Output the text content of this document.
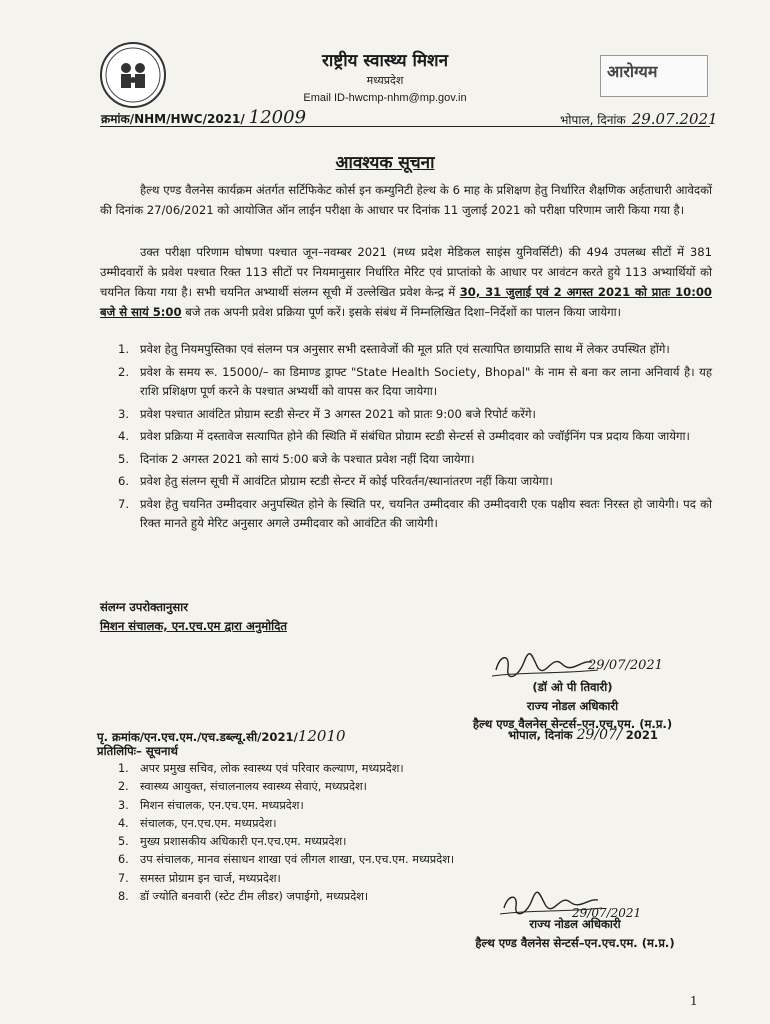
राष्ट्रीय स्वास्थ्य मिशन
मध्यप्रदेश
Email ID-hwcmp-nhm@mp.gov.in
आरोग्यम
क्रमांक/NHM/HWC/2021/ 12009	भोपाल, दिनांक 29.07.2021
आवश्यक सूचना
हैल्थ एण्ड वैलनेस कार्यक्रम अंतर्गत सर्टिफिकेट कोर्स इन कम्युनिटी हेल्थ के 6 माह के प्रशिक्षण हेतु निर्धारित शैक्षणिक अर्हताधारी आवेदकों की दिनांक 27/06/2021 को आयोजित ऑन लाईन परीक्षा के आधार पर दिनांक 11 जुलाई 2021 को परीक्षा परिणाम जारी किया गया है।
उक्त परीक्षा परिणाम घोषणा पश्चात जून–नवम्बर 2021 (मध्य प्रदेश मेडिकल साइंस युनिवर्सिटी) की 494 उपलब्ध सीटों में 381 उम्मीदवारों के प्रवेश पश्चात रिक्त 113 सीटों पर नियमानुसार निर्धारित मेरिट एवं प्राप्तांको के आधार पर आवंटन करते हुये 113 अभ्यार्थियों को चयनित किया गया है। सभी चयनित अभ्यार्थी संलग्न सूची में उल्लेखित प्रवेश केन्द्र में 30, 31 जुलाई एवं 2 अगस्त 2021 को प्रातः 10:00 बजे से सायं 5:00 बजे तक अपनी प्रवेश प्रक्रिया पूर्ण करें। इसके संबंध में निम्नलिखित दिशा–निर्देशों का पालन किया जायेगा।
1. प्रवेश हेतु नियमपुस्तिका एवं संलग्न पत्र अनुसार सभी दस्तावेजों की मूल प्रति एवं सत्यापित छायाप्रति साथ में लेकर उपस्थित होंगे।
2. प्रवेश के समय रू. 15000/– का डिमाण्ड ड्राफ्ट "State Health Society, Bhopal" के नाम से बना कर लाना अनिवार्य है। यह राशि प्रशिक्षण पूर्ण करने के पश्चात अभ्यर्थी को वापस कर दिया जायेगा।
3. प्रवेश पश्चात आवंटित प्रोग्राम स्टडी सेन्टर में 3 अगस्त 2021 को प्रातः 9:00 बजे रिपोर्ट करेंगे।
4. प्रवेश प्रक्रिया में दस्तावेज सत्यापित होने की स्थिति में संबंधित प्रोग्राम स्टडी सेन्टर्स से उम्मीदवार को ज्वॉईनिंग पत्र प्रदाय किया जायेगा।
5. दिनांक 2 अगस्त 2021 को सायं 5:00 बजे के पश्चात प्रवेश नहीं दिया जायेगा।
6. प्रवेश हेतु संलग्न सूची में आवंटित प्रोग्राम स्टडी सेन्टर में कोई परिवर्तन/स्थानांतरण नहीं किया जायेगा।
7. प्रवेश हेतु चयनित उम्मीदवार अनुपस्थित होने के स्थिति पर, चयनित उम्मीदवार की उम्मीदवारी एक पक्षीय स्वतः निरस्त हो जायेगी। पद को रिक्त मानते हुये मेरिट अनुसार अगले उम्मीदवार को आवंटित की जायेगी।
संलग्न उपरोक्तानुसार
मिशन संचालक, एन.एच.एम द्वारा अनुमोदित
29/07/2021
(डॉ ओ पी तिवारी)
राज्य नोडल अधिकारी
हैल्थ एण्ड वैलनेस सेन्टर्स–एन.एच.एम. (म.प्र.)
पृ. क्रमांक/एन.एच.एम./एच.डब्ल्यू.सी/2021/12010	भोपाल, दिनांक 29/07/ 2021
प्रतिलिपिः– सूचनार्थ
1. अपर प्रमुख सचिव, लोक स्वास्थ्य एवं परिवार कल्याण, मध्यप्रदेश।
2. स्वास्थ्य आयुक्त, संचालनालय स्वास्थ्य सेवाएं, मध्यप्रदेश।
3. मिशन संचालक, एन.एच.एम. मध्यप्रदेश।
4. संचालक, एन.एच.एम. मध्यप्रदेश।
5. मुख्य प्रशासकीय अधिकारी एन.एच.एम. मध्यप्रदेश।
6. उप संचालक, मानव संसाधन शाखा एवं लीगल शाखा, एन.एच.एम. मध्यप्रदेश।
7. समस्त प्रोग्राम इन चार्ज, मध्यप्रदेश।
8. डॉ ज्योति बनवारी (स्टेट टीम लीडर) जपाईगो, मध्यप्रदेश।
29/07/2021
राज्य नोडल अधिकारी
हैल्थ एण्ड वैलनेस सेन्टर्स–एन.एच.एम. (म.प्र.)
1
